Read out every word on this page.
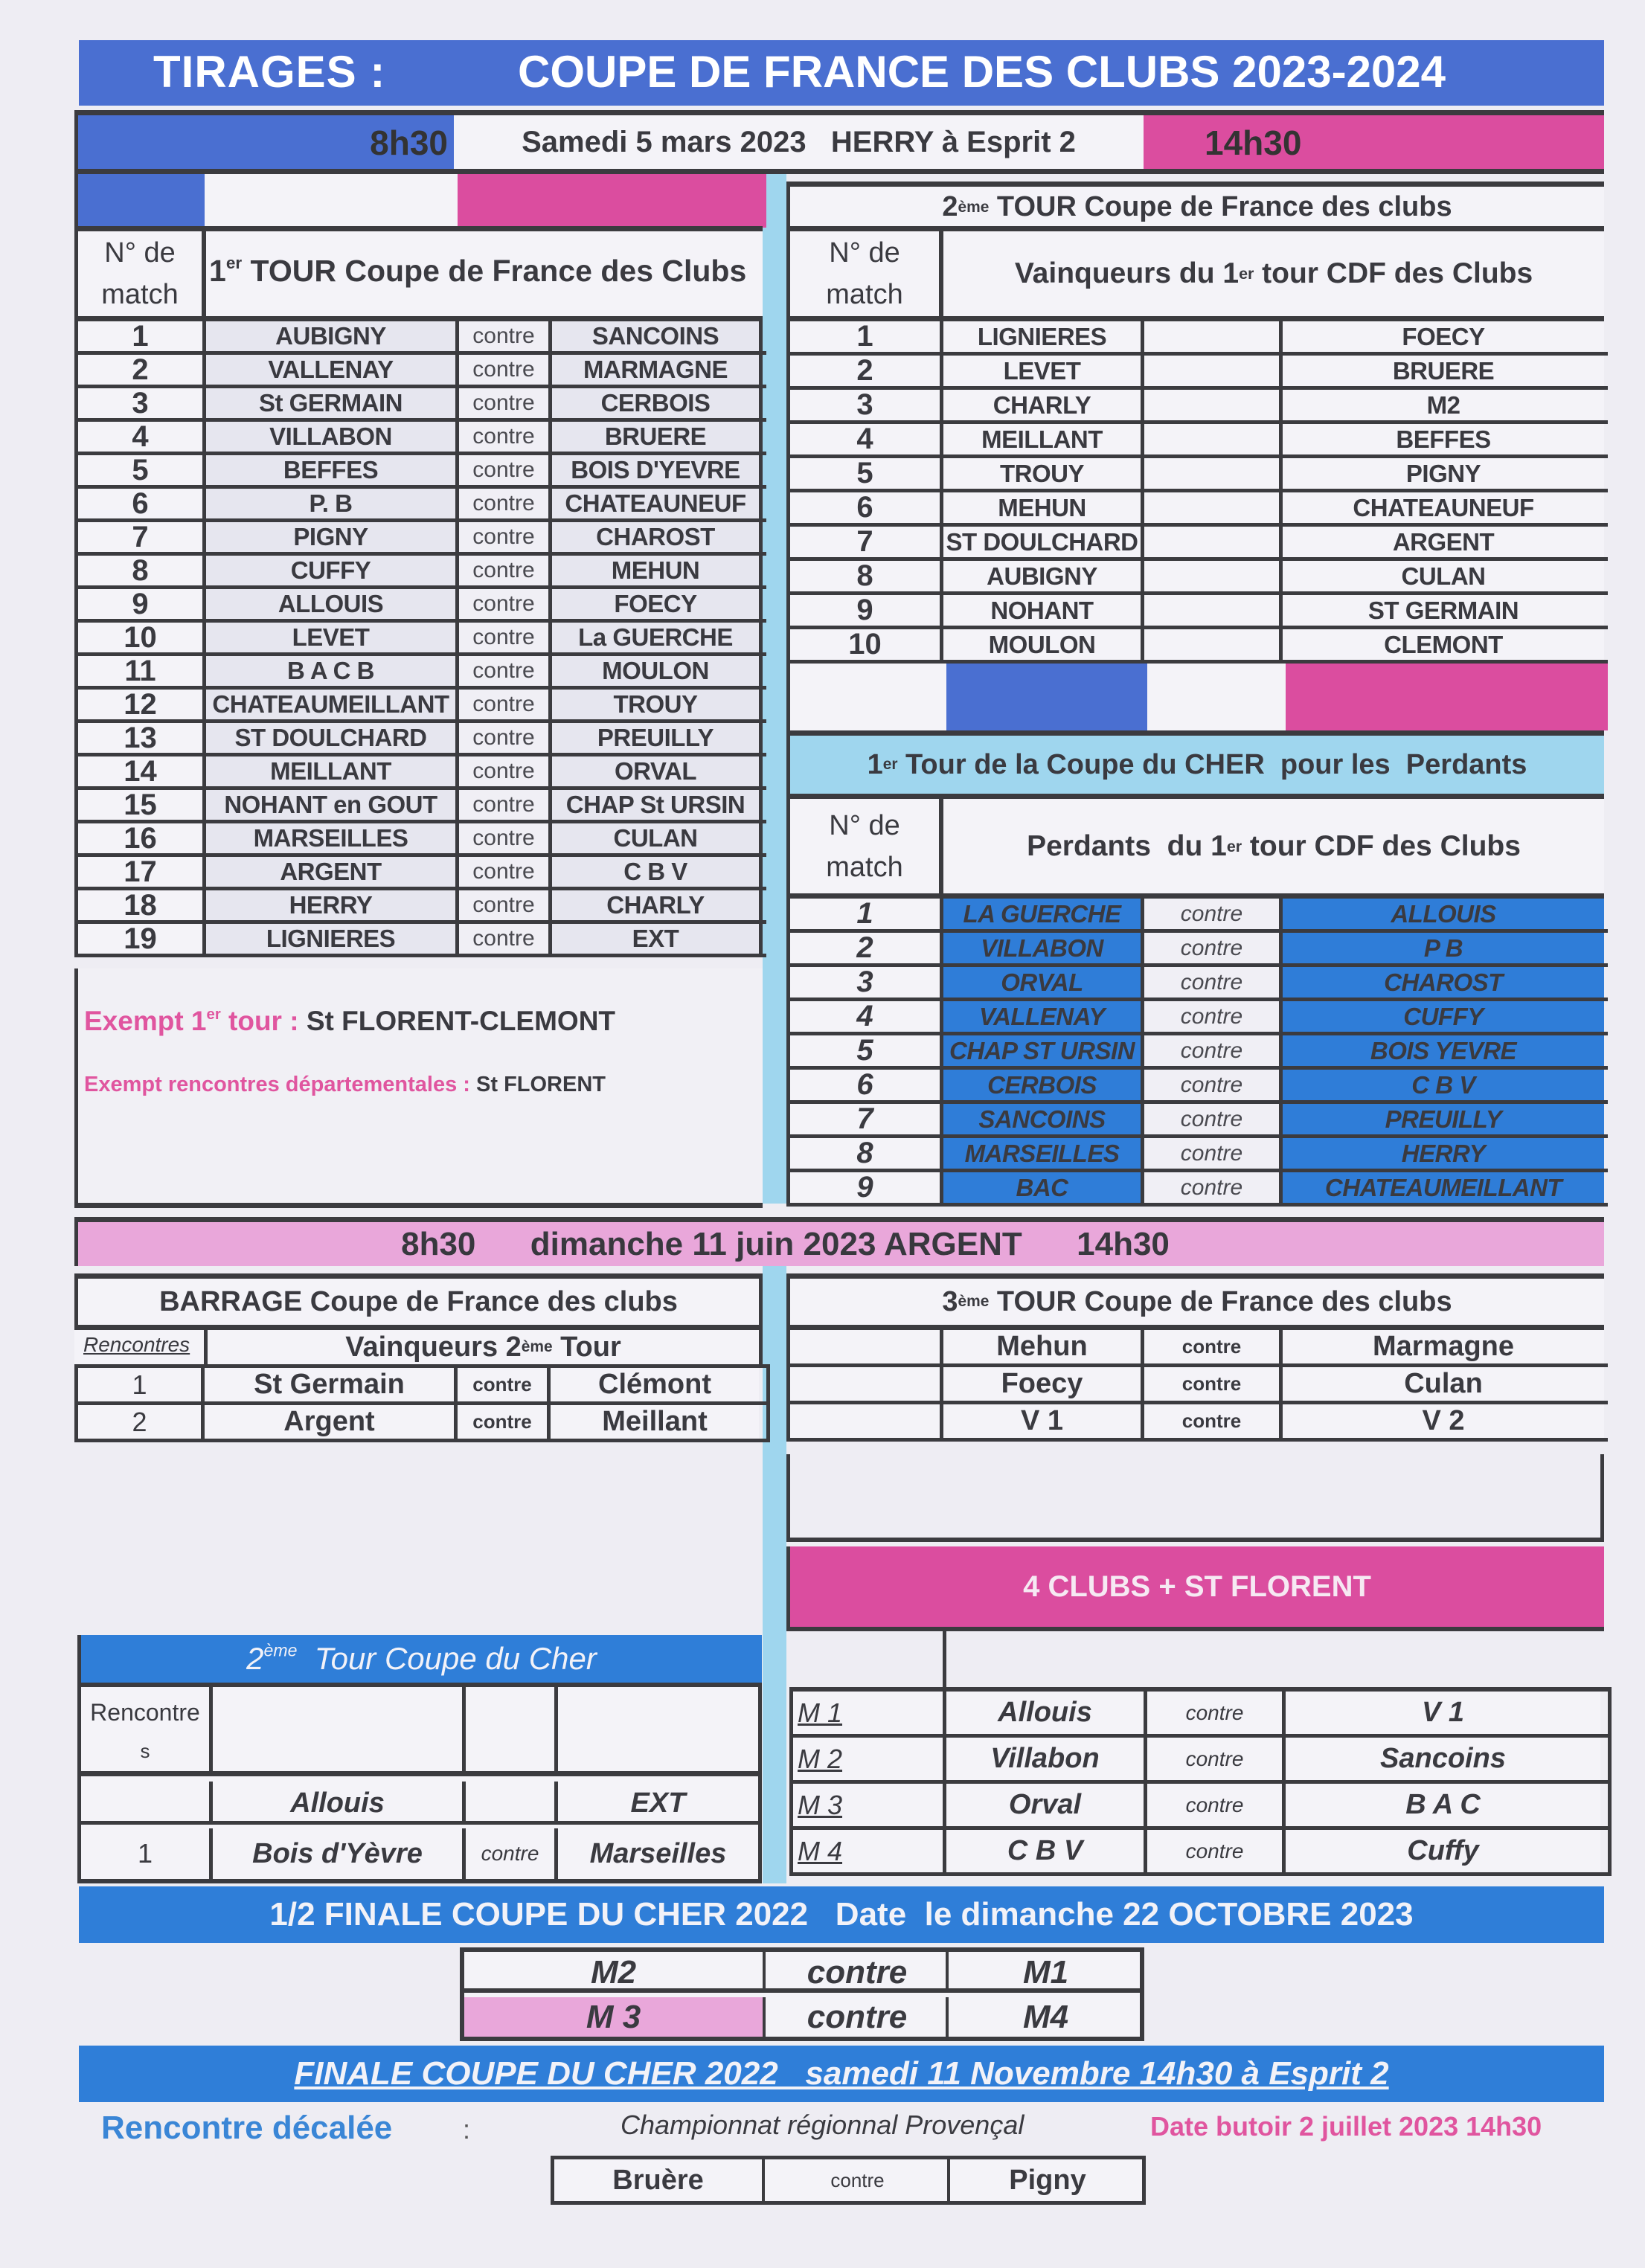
TIRAGES :	COUPE DE FRANCE DES CLUBS 2023-2024
8h30 Samedi 5 mars 2023   HERRY à Esprit 2	14h30
N° de
match
1er TOUR Coupe de France des Clubs
1	AUBIGNY	contre	SANCOINS
2	VALLENAY	contre	MARMAGNE
3	St GERMAIN	contre	CERBOIS
4	VILLABON	contre	BRUERE
5	BEFFES	contre	BOIS D'YEVRE
6	P. B	contre	CHATEAUNEUF
7	PIGNY	contre	CHAROST
8	CUFFY	contre	MEHUN
9	ALLOUIS	contre	FOECY
10	LEVET	contre	La GUERCHE
11	B A C B	contre	MOULON
12	CHATEAUMEILLANT	contre	TROUY
13	ST DOULCHARD	contre	PREUILLY
14	MEILLANT	contre	ORVAL
15	NOHANT en GOUT	contre	CHAP St URSIN
16	MARSEILLES	contre	CULAN
17	ARGENT	contre	C B V
18	HERRY	contre	CHARLY
19	LIGNIERES	contre	EXT
Exempt 1er tour : St FLORENT-CLEMONT
Exempt rencontres départementales : St FLORENT
2 ème TOUR Coupe de France des clubs
N° de
match
Vainqueurs du 1 er tour CDF des Clubs
1	LIGNIERES	FOECY
2	LEVET	BRUERE
3	CHARLY	M2
4	MEILLANT	BEFFES
5	TROUY	PIGNY
6	MEHUN	CHATEAUNEUF
7	ST DOULCHARD	ARGENT
8	AUBIGNY	CULAN
9	NOHANT	ST GERMAIN
10	MOULON	CLEMONT
1 er Tour de la Coupe du CHER  pour les  Perdants
N° de
match
Perdants  du 1 er tour CDF des Clubs
1	LA GUERCHE	contre	ALLOUIS
2	VILLABON	contre	P B
3	ORVAL	contre	CHAROST
4	VALLENAY	contre	CUFFY
5	CHAP ST URSIN	contre	BOIS YEVRE
6	CERBOIS	contre	C B V
7	SANCOINS	contre	PREUILLY
8	MARSEILLES	contre	HERRY
9	BAC	contre	CHATEAUMEILLANT
8h30      dimanche 11 juin 2023 ARGENT      14h30
BARRAGE Coupe de France des clubs
Rencontres	Vainqueurs 2 ème Tour
1	St Germain	contre	Clémont
2	Argent	contre	Meillant
3 ème TOUR Coupe de France des clubs
Mehun	contre	Marmagne
Foecy	contre	Culan
V 1	contre	V 2
4 CLUBS + ST FLORENT
M 1	Allouis	contre	V 1
M 2	Villabon	contre	Sancoins
M 3	Orval	contre	B A C
M 4	C B V	contre	Cuffy
2ème  Tour Coupe du Cher
Rencontre
s
Allouis	EXT
1	Bois d'Yèvre	contre	Marseilles
1/2 FINALE COUPE DU CHER 2022   Date  le dimanche 22 OCTOBRE 2023
M2	contre	M1
M 3	contre	M4
FINALE COUPE DU CHER 2022   samedi 11 Novembre 14h30 à Esprit 2
Rencontre décalée	:	Championnat régionnal Provençal	Date butoir 2 juillet 2023 14h30
Bruère	contre	Pigny
